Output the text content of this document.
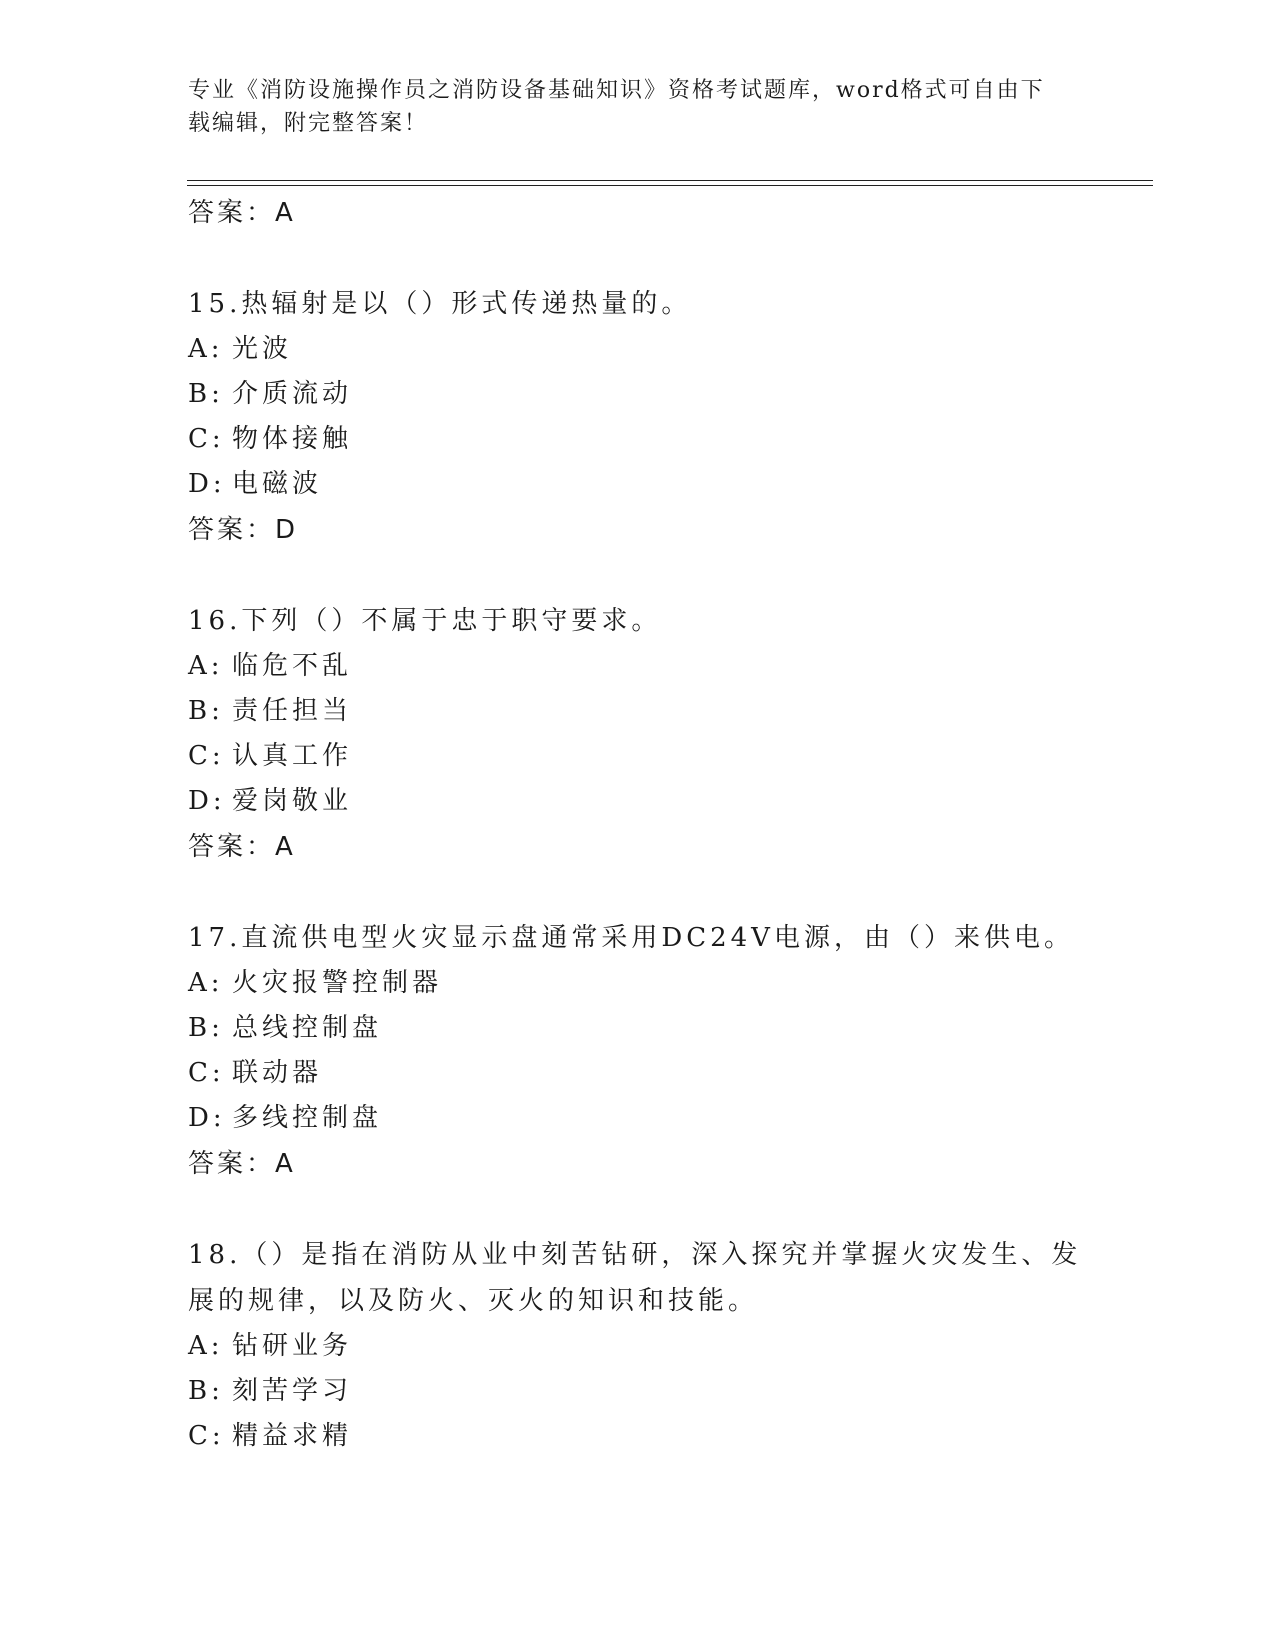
专业《消防设施操作员之消防设备基础知识》资格考试题库，word格式可自由下载编辑，附完整答案！
答案：A
15.热辐射是以（）形式传递热量的。
A: 光波
B: 介质流动
C: 物体接触
D: 电磁波
答案：D
16.下列（）不属于忠于职守要求。
A: 临危不乱
B: 责任担当
C: 认真工作
D: 爱岗敬业
答案：A
17.直流供电型火灾显示盘通常采用DC24V电源，由（）来供电。
A: 火灾报警控制器
B: 总线控制盘
C: 联动器
D: 多线控制盘
答案：A
18.（）是指在消防从业中刻苦钻研，深入探究并掌握火灾发生、发展的规律，以及防火、灭火的知识和技能。
A: 钻研业务
B: 刻苦学习
C: 精益求精
